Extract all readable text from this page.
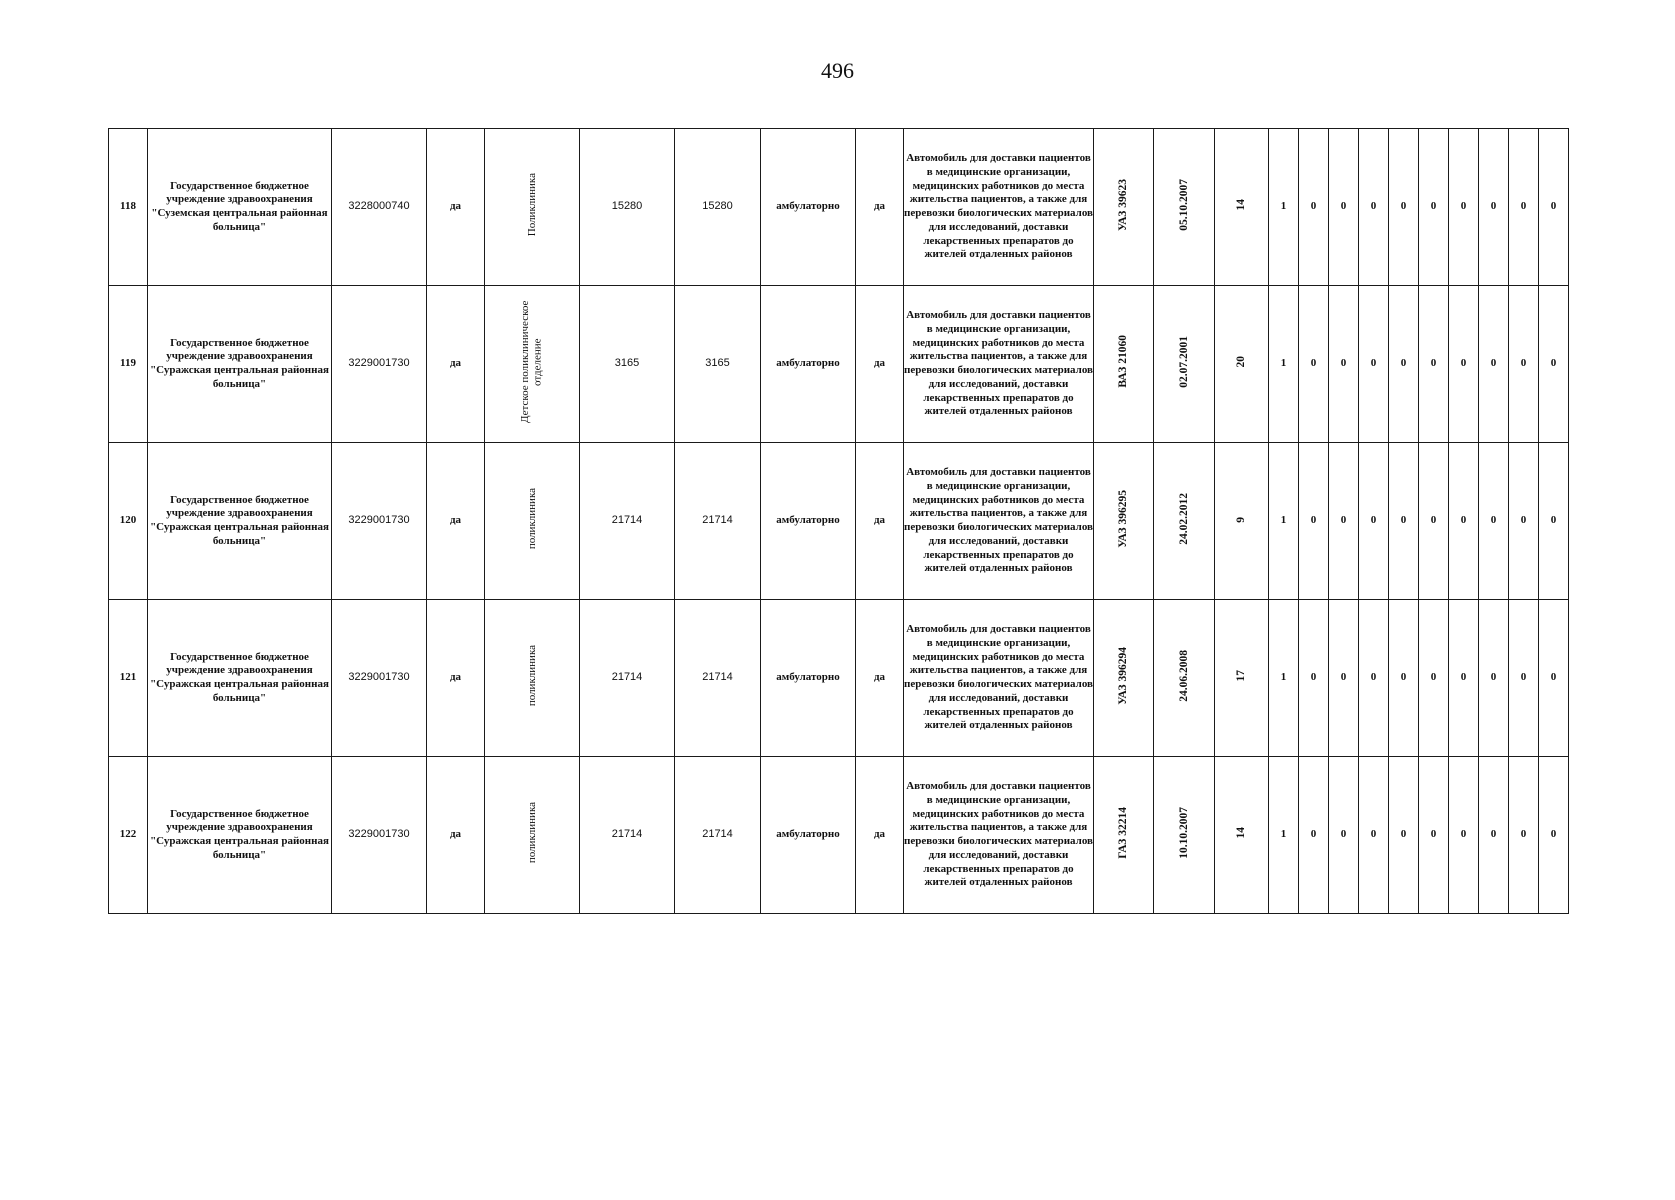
496
118	Государственное бюджетное учреждение здравоохранения "Суземская центральная районная больница"	3228000740	да	Поликлиника	15280	15280	амбулаторно	да	Автомобиль для доставки пациентов в медицинские организации, медицинских работников до места жительства пациентов, а также для перевозки биологических материалов для исследований, доставки лекарственных препаратов до жителей отдаленных районов	УАЗ 39623	05.10.2007	14	1	0	0	0	0	0	0	0	0	0
119	Государственное бюджетное учреждение здравоохранения "Суражская центральная районная больница"	3229001730	да	Детское поликлиническое отделение	3165	3165	амбулаторно	да	Автомобиль для доставки пациентов в медицинские организации, медицинских работников до места жительства пациентов, а также для перевозки биологических материалов для исследований, доставки лекарственных препаратов до жителей отдаленных районов	ВАЗ 21060	02.07.2001	20	1	0	0	0	0	0	0	0	0	0
120	Государственное бюджетное учреждение здравоохранения "Суражская центральная районная больница"	3229001730	да	поликлиника	21714	21714	амбулаторно	да	Автомобиль для доставки пациентов в медицинские организации, медицинских работников до места жительства пациентов, а также для перевозки биологических материалов для исследований, доставки лекарственных препаратов до жителей отдаленных районов	УАЗ 396295	24.02.2012	9	1	0	0	0	0	0	0	0	0	0
121	Государственное бюджетное учреждение здравоохранения "Суражская центральная районная больница"	3229001730	да	поликлиника	21714	21714	амбулаторно	да	Автомобиль для доставки пациентов в медицинские организации, медицинских работников до места жительства пациентов, а также для перевозки биологических материалов для исследований, доставки лекарственных препаратов до жителей отдаленных районов	УАЗ 396294	24.06.2008	17	1	0	0	0	0	0	0	0	0	0
122	Государственное бюджетное учреждение здравоохранения "Суражская центральная районная больница"	3229001730	да	поликлиника	21714	21714	амбулаторно	да	Автомобиль для доставки пациентов в медицинские организации, медицинских работников до места жительства пациентов, а также для перевозки биологических материалов для исследований, доставки лекарственных препаратов до жителей отдаленных районов	ГАЗ 32214	10.10.2007	14	1	0	0	0	0	0	0	0	0	0
